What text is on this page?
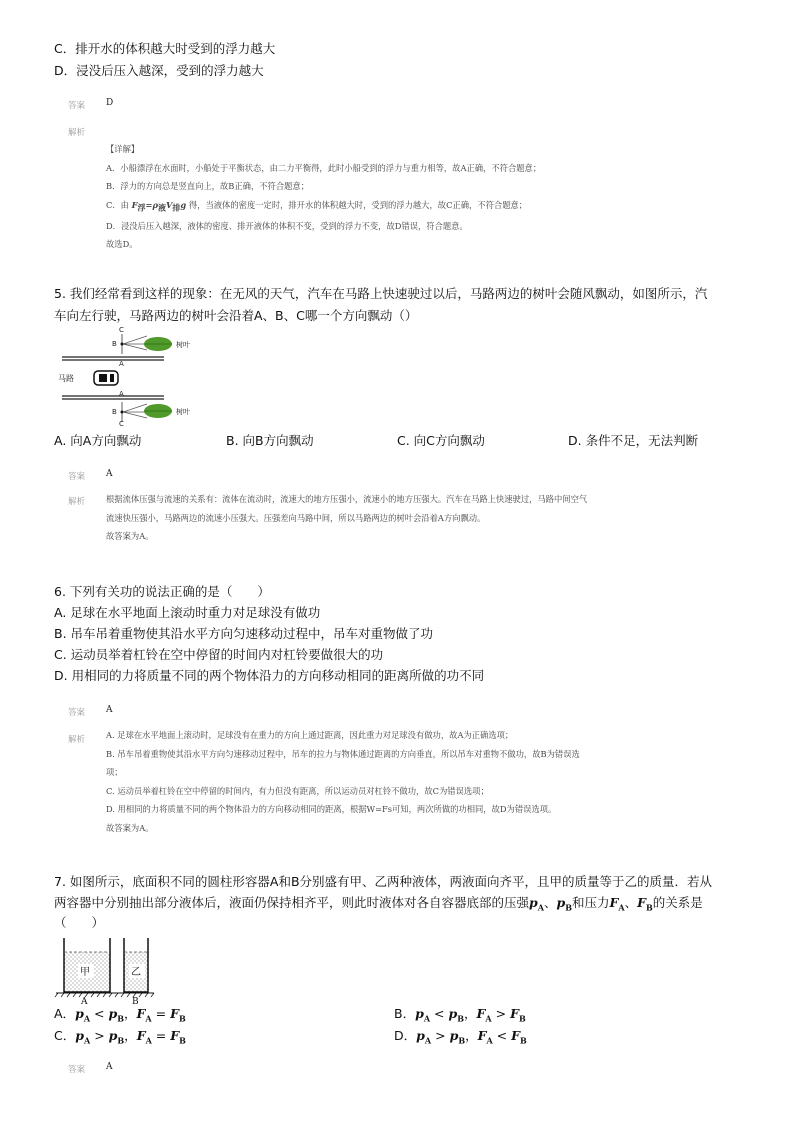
C．排开水的体积越大时受到的浮力越大
D．浸没后压入越深，受到的浮力越大
答案 D
解析
【详解】
A．小船漂浮在水面时，小船处于平衡状态，由二力平衡得，此时小船受到的浮力与重力相等，故A正确，不符合题意；
B．浮力的方向总是竖直向上，故B正确，不符合题意；
C．由 $F_浮=\rho_液V_排g$ 得，当液体的密度一定时，排开水的体积越大时，受到的浮力越大，故C正确，不符合题意；
D．浸没后压入越深，液体的密度、排开液体的体积不变，受到的浮力不变，故D错误，符合题意。
故选D。
5. 我们经常看到这样的现象：在无风的天气，汽车在马路上快速驶过以后，马路两边的树叶会随风飘动，如图所示，汽
车向左行驶，马路两边的树叶会沿着A、B、C哪一个方向飘动（）
马路
C
B
A
A
B
C
树叶
树叶
A. 向A方向飘动	B. 向B方向飘动	C. 向C方向飘动	D. 条件不足，无法判断
答案 A
解析	根据流体压强与流速的关系有：流体在流动时，流速大的地方压强小，流速小的地方压强大。汽车在马路上快速驶过，马路中间空气
流速快压强小，马路两边的流速小压强大。压强差向马路中间，所以马路两边的树叶会沿着A方向飘动。
故答案为A。
6. 下列有关功的说法正确的是（　　）
A. 足球在水平地面上滚动时重力对足球没有做功
B. 吊车吊着重物使其沿水平方向匀速移动过程中，吊车对重物做了功
C. 运动员举着杠铃在空中停留的时间内对杠铃要做很大的功
D. 用相同的力将质量不同的两个物体沿力的方向移动相同的距离所做的功不同
答案 A
解析	A. 足球在水平地面上滚动时，足球没有在重力的方向上通过距离，因此重力对足球没有做功，故A为正确选项；
B. 吊车吊着重物使其沿水平方向匀速移动过程中，吊车的拉力与物体通过距离的方向垂直，所以吊车对重物不做功，故B为错误选
项；
C. 运动员举着杠铃在空中停留的时间内，有力但没有距离，所以运动员对杠铃不做功，故C为错误选项；
D. 用相同的力将质量不同的两个物体沿力的方向移动相同的距离，根据W=Fs可知，两次所做的功相同，故D为错误选项。
故答案为A。
7. 如图所示，底面积不同的圆柱形容器A和B分别盛有甲、乙两种液体，两液面向齐平，且甲的质量等于乙的质量．若从
两容器中分别抽出部分液体后，液面仍保持相齐平，则此时液体对各自容器底部的压强$p_A$、$p_B$和压力$F_A$、$F_B$的关系是
（　　）
甲	乙
A	B
A．$p_A < p_B$，$F_A = F_B$	B．$p_A < p_B$，$F_A > F_B$
C．$p_A > p_B$，$F_A = F_B$	D．$p_A > p_B$，$F_A < F_B$
答案 A
